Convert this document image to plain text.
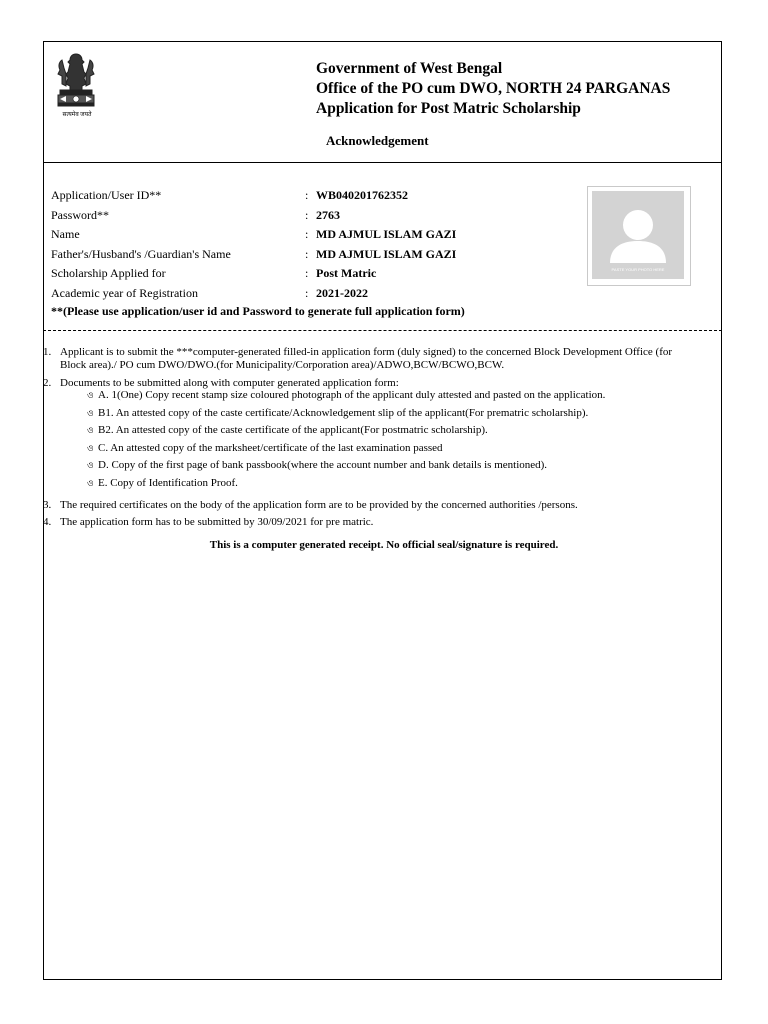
सत्यमेव जयते
Government of West Bengal
Office of the PO cum DWO, NORTH 24 PARGANAS
Application for Post Matric Scholarship
Acknowledgement
Application/User ID**	: WB040201762352
Password**	: 2763
Name	: MD AJMUL ISLAM GAZI
Father's/Husband's /Guardian's Name	: MD AJMUL ISLAM GAZI
Scholarship Applied for	: Post Matric
Academic year of Registration	: 2021-2022
**(Please use application/user id and Password to generate full application form)
PASTE YOUR PHOTO HERE
1. Applicant is to submit the ***computer-generated filled-in application form (duly signed) to the concerned Block Development Office (for
Block area)./ PO cum DWO/DWO.(for Municipality/Corporation area)/ADWO,BCW/BCWO,BCW.
2. Documents to be submitted along with computer generated application form:
ও A. 1(One) Copy recent stamp size coloured photograph of the applicant duly attested and pasted on the application.
ও B1. An attested copy of the caste certificate/Acknowledgement slip of the applicant(For prematric scholarship).
ও B2. An attested copy of the caste certificate of the applicant(For postmatric scholarship).
ও C. An attested copy of the marksheet/certificate of the last examination passed
ও D. Copy of the first page of bank passbook(where the account number and bank details is mentioned).
ও E. Copy of Identification Proof.
3. The required certificates on the body of the application form are to be provided by the concerned authorities /persons.
4. The application form has to be submitted by 30/09/2021 for pre matric.
This is a computer generated receipt. No official seal/signature is required.
